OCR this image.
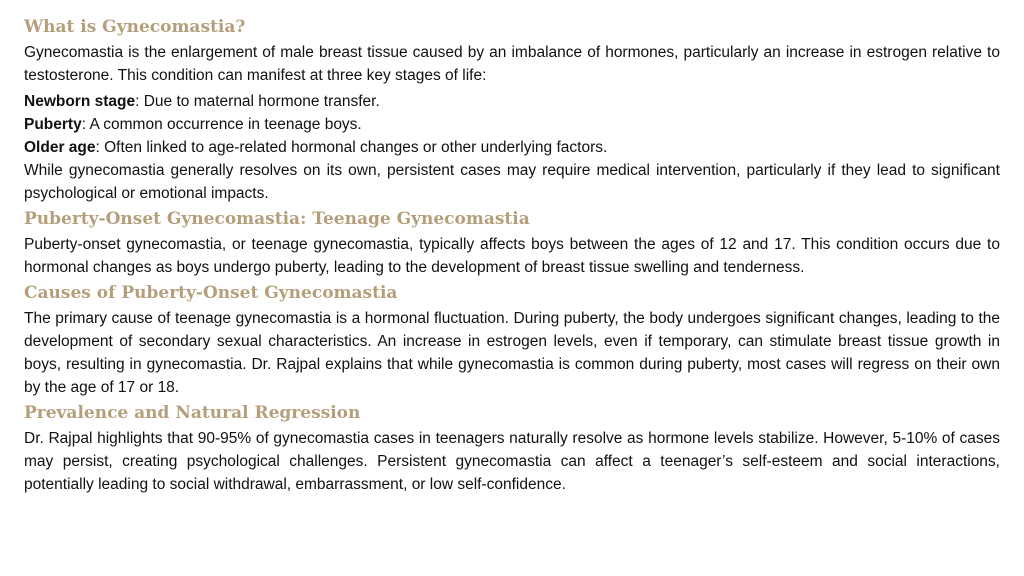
What is Gynecomastia?

Gynecomastia is the enlargement of male breast tissue caused by an imbalance of hormones, particularly an increase in estrogen relative to testosterone. This condition can manifest at three key stages of life:

Newborn stage: Due to maternal hormone transfer.

Puberty: A common occurrence in teenage boys.

Older age: Often linked to age-related hormonal changes or other underlying factors.

While gynecomastia generally resolves on its own, persistent cases may require medical intervention, particularly if they lead to significant psychological or emotional impacts.

Puberty-Onset Gynecomastia: Teenage Gynecomastia

Puberty-onset gynecomastia, or teenage gynecomastia, typically affects boys between the ages of 12 and 17. This condition occurs due to hormonal changes as boys undergo puberty, leading to the development of breast tissue swelling and tenderness.

Causes of Puberty-Onset Gynecomastia

The primary cause of teenage gynecomastia is a hormonal fluctuation. During puberty, the body undergoes significant changes, leading to the development of secondary sexual characteristics. An increase in estrogen levels, even if temporary, can stimulate breast tissue growth in boys, resulting in gynecomastia. Dr. Rajpal explains that while gynecomastia is common during puberty, most cases will regress on their own by the age of 17 or 18.

Prevalence and Natural Regression

Dr. Rajpal highlights that 90-95% of gynecomastia cases in teenagers naturally resolve as hormone levels stabilize. However, 5-10% of cases may persist, creating psychological challenges. Persistent gynecomastia can affect a teenager’s self-esteem and social interactions, potentially leading to social withdrawal, embarrassment, or low self-confidence.
